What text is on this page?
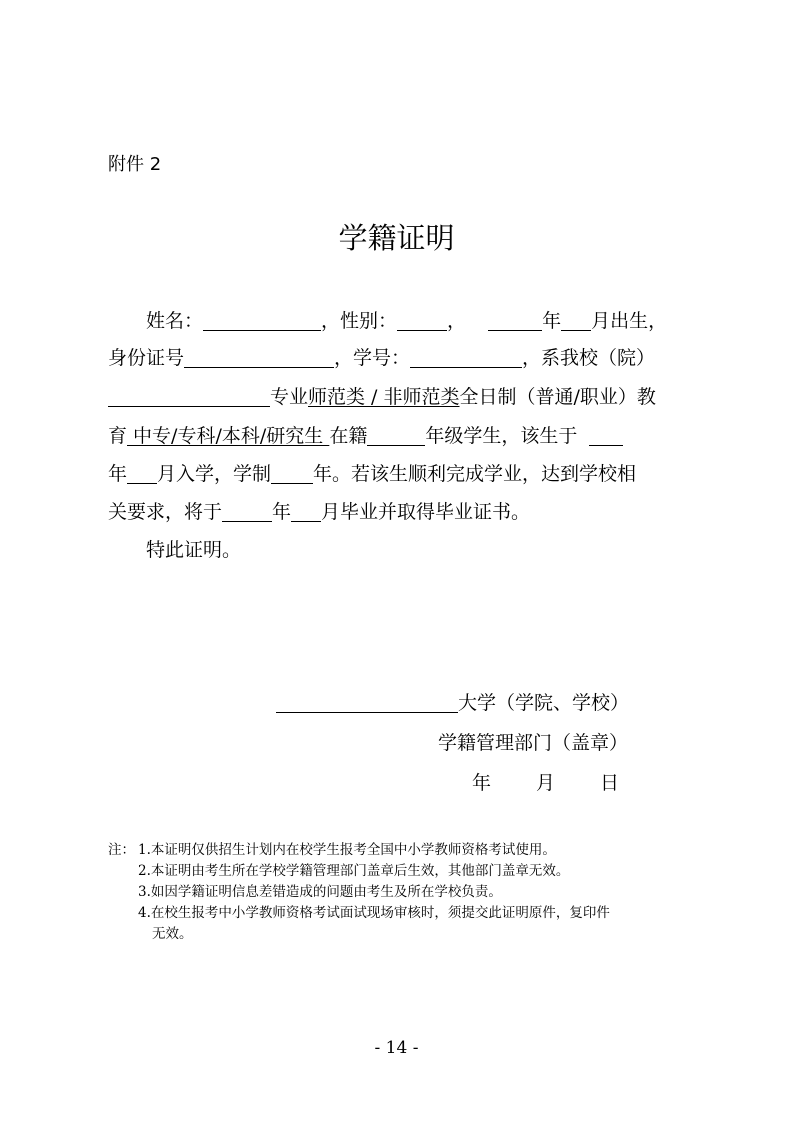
附件 2
学籍证明
姓名：	，性别：	，	年 月出生，
身份证号	，学号：	，系我校（院）
专业师范类 / 非师范类全日制（普通/职业）教
育 中专/专科/本科/研究生 在籍	年级学生，该生于
年 月入学，学制 年。若该生顺利完成学业，达到学校相
关要求，将于	年 月毕业并取得毕业证书。
特此证明。
大学（学院、学校）
学籍管理部门（盖章）
年 月 日
注： 1.本证明仅供招生计划内在校学生报考全国中小学教师资格考试使用。
2.本证明由考生所在学校学籍管理部门盖章后生效，其他部门盖章无效。
3.如因学籍证明信息差错造成的问题由考生及所在学校负责。
4.在校生报考中小学教师资格考试面试现场审核时，须提交此证明原件，复印件
无效。
- 14 -
